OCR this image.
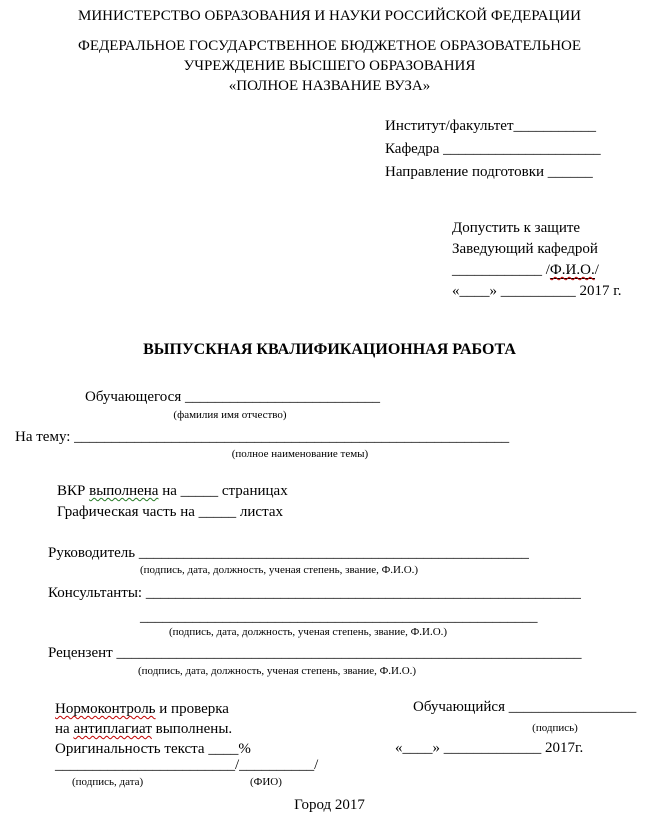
МИНИСТЕРСТВО ОБРАЗОВАНИЯ И НАУКИ РОССИЙСКОЙ ФЕДЕРАЦИИ
ФЕДЕРАЛЬНОЕ ГОСУДАРСТВЕННОЕ БЮДЖЕТНОЕ ОБРАЗОВАТЕЛЬНОЕ
УЧРЕЖДЕНИЕ ВЫСШЕГО ОБРАЗОВАНИЯ
«ПОЛНОЕ НАЗВАНИЕ ВУЗА»
Институт/факультет___________
Кафедра _____________________
Направление подготовки ______
Допустить к защите
Заведующий кафедрой
____________ /Ф.И.О./
«____» __________ 2017 г.
ВЫПУСКНАЯ КВАЛИФИКАЦИОННАЯ РАБОТА
Обучающегося __________________________
(фамилия имя отчество)
На тему: __________________________________________________________
(полное наименование темы)
ВКР выполнена на _____ страницах
Графическая часть на _____ листах
Руководитель ____________________________________________________
(подпись, дата, должность, ученая степень, звание, Ф.И.О.)
Консультанты: __________________________________________________________
_____________________________________________________
(подпись, дата, должность, ученая степень, звание, Ф.И.О.)
Рецензент ______________________________________________________________
(подпись, дата, должность, ученая степень, звание, Ф.И.О.)
Нормоконтроль и проверка
на антиплагиат выполнены.
Оригинальность текста ____%
________________________/__________/
(подпись, дата)	(ФИО)
Обучающийся _________________
(подпись)
«____» _____________ 2017г.
Город 2017
